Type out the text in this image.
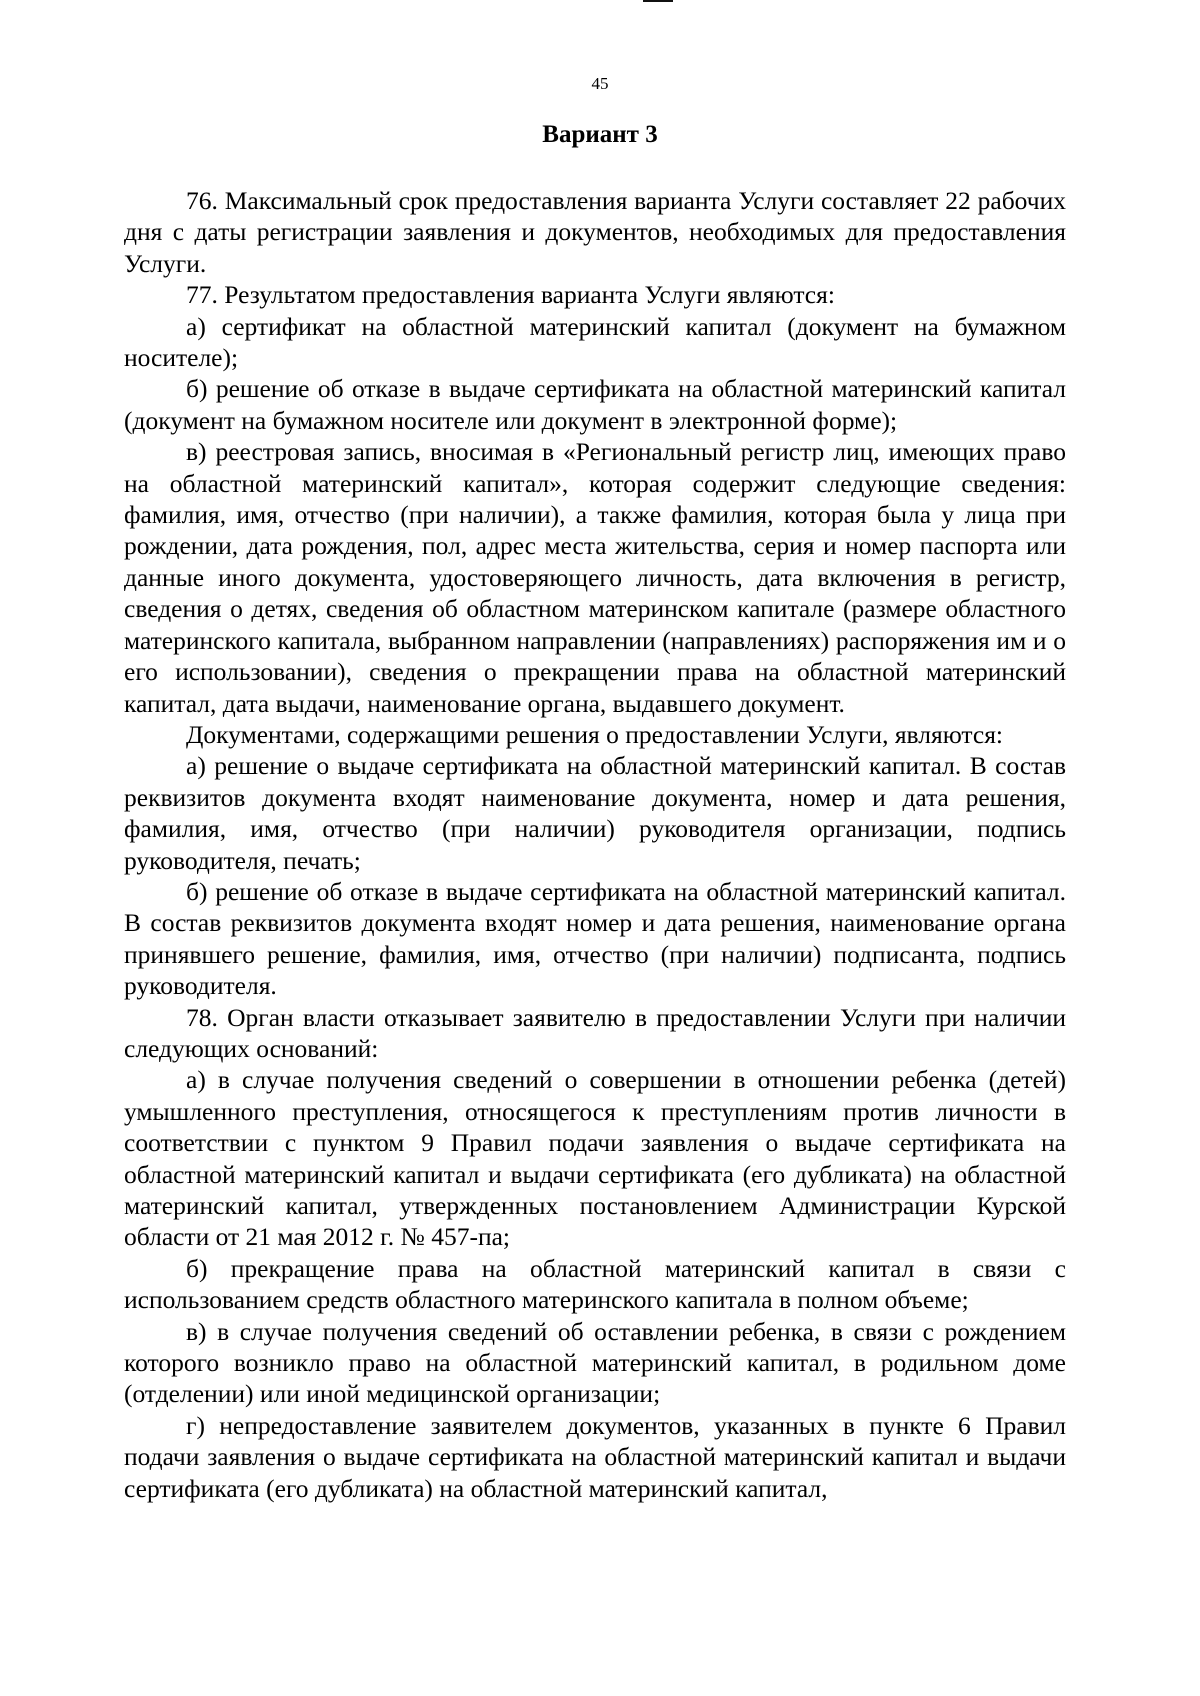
45
Вариант 3

76. Максимальный срок предоставления варианта Услуги составляет 22 рабочих дня с даты регистрации заявления и документов, необходимых для предоставления Услуги.

77. Результатом предоставления варианта Услуги являются:

а) сертификат на областной материнский капитал (документ на бумажном носителе);

б) решение об отказе в выдаче сертификата на областной материнский капитал (документ на бумажном носителе или документ в электронной форме);

в) реестровая запись, вносимая в «Региональный регистр лиц, имеющих право на областной материнский капитал», которая содержит следующие сведения: фамилия, имя, отчество (при наличии), а также фамилия, которая была у лица при рождении, дата рождения, пол, адрес места жительства, серия и номер паспорта или данные иного документа, удостоверяющего личность, дата включения в регистр, сведения о детях, сведения об областном материнском капитале (размере областного материнского капитала, выбранном направлении (направлениях) распоряжения им и о его использовании), сведения о прекращении права на областной материнский капитал, дата выдачи, наименование органа, выдавшего документ.

Документами, содержащими решения о предоставлении Услуги, являются:

а) решение о выдаче сертификата на областной материнский капитал. В состав реквизитов документа входят наименование документа, номер и дата решения, фамилия, имя, отчество (при наличии) руководителя организации, подпись руководителя, печать;

б) решение об отказе в выдаче сертификата на областной материнский капитал. В состав реквизитов документа входят номер и дата решения, наименование органа принявшего решение, фамилия, имя, отчество (при наличии) подписанта, подпись руководителя.

78. Орган власти отказывает заявителю в предоставлении Услуги при наличии следующих оснований:

а) в случае получения сведений о совершении в отношении ребенка (детей) умышленного преступления, относящегося к преступлениям против личности в соответствии с пунктом 9 Правил подачи заявления о выдаче сертификата на областной материнский капитал и выдачи сертификата (его дубликата) на областной материнский капитал, утвержденных постановлением Администрации Курской области от 21 мая 2012 г. № 457-па;

б) прекращение права на областной материнский капитал в связи с использованием средств областного материнского капитала в полном объеме;

в) в случае получения сведений об оставлении ребенка, в связи с рождением которого возникло право на областной материнский капитал, в родильном доме (отделении) или иной медицинской организации;

г) непредоставление заявителем документов, указанных в пункте 6 Правил подачи заявления о выдаче сертификата на областной материнский капитал и выдачи сертификата (его дубликата) на областной материнский капитал,
